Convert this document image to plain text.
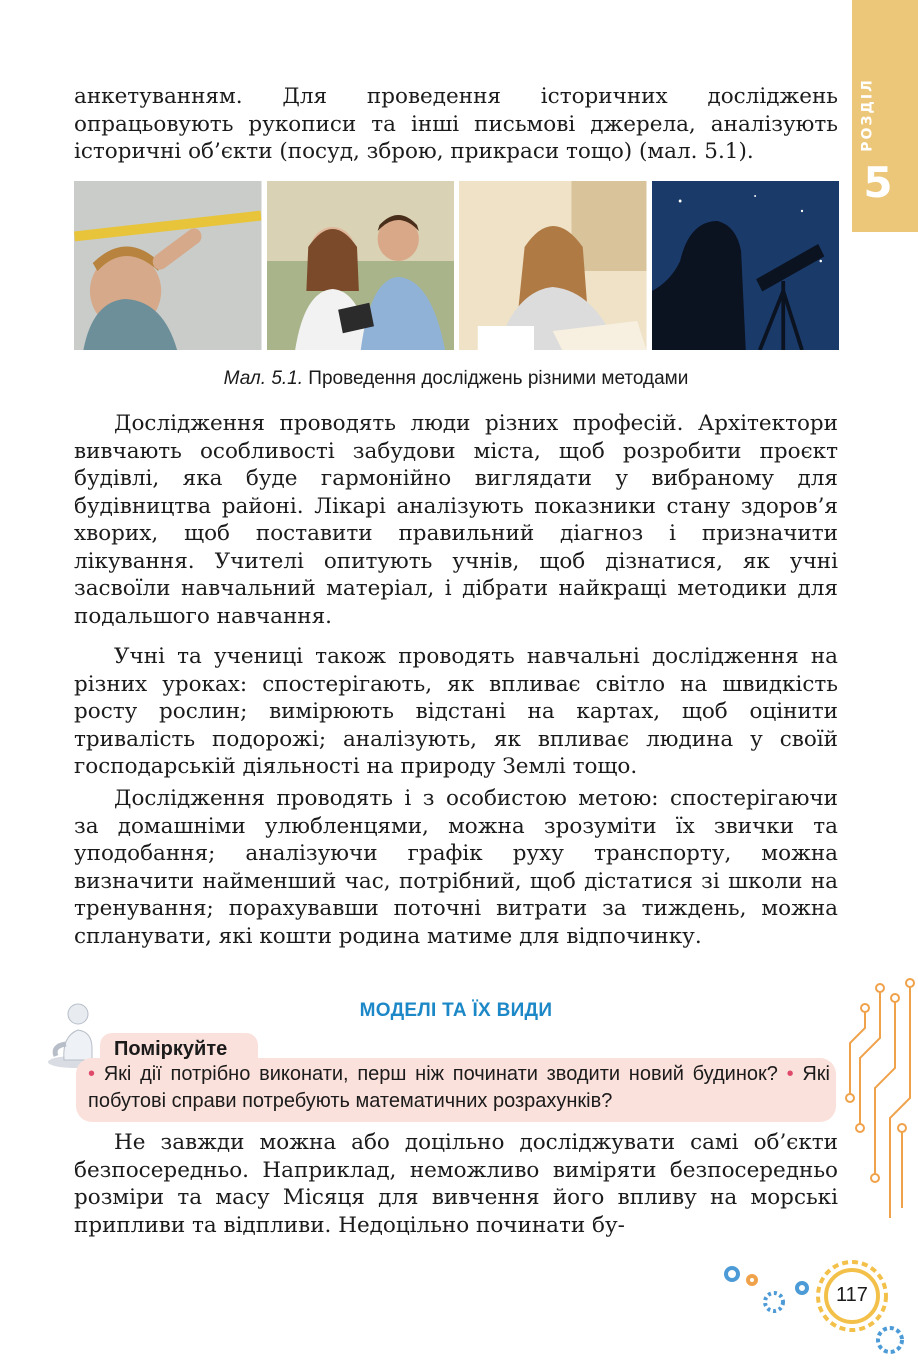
РОЗДІЛ
5

анкетуванням. Для проведення історичних досліджень опрацьовують рукописи та інші письмові джерела, аналізують історичні об’єкти (посуд, зброю, прикраси тощо) (мал. 5.1).

Мал. 5.1. Проведення досліджень різними методами

Дослідження проводять люди різних професій. Архітектори вивчають особливості забудови міста, щоб розробити проєкт будівлі, яка буде гармонійно виглядати у вибраному для будівництва районі. Лікарі аналізують показники стану здоров’я хворих, щоб поставити правильний діагноз і призначити лікування. Учителі опитують учнів, щоб дізнатися, як учні засвоїли навчальний матеріал, і дібрати найкращі методики для подальшого навчання.

Учні та учениці також проводять навчальні дослідження на різних уроках: спостерігають, як впливає світло на швидкість росту рослин; вимірюють відстані на картах, щоб оцінити тривалість подорожі; аналізують, як впливає людина у своїй господарській діяльності на природу Землі тощо.

Дослідження проводять і з особистою метою: спостерігаючи за домашніми улюбленцями, можна зрозуміти їх звички та уподобання; аналізуючи графік руху транспорту, можна визначити найменший час, потрібний, щоб дістатися зі школи на тренування; порахувавши поточні витрати за тиждень, можна спланувати, які кошти родина матиме для відпочинку.

МОДЕЛІ ТА ЇХ ВИДИ
Поміркуйте
• Які дії потрібно виконати, перш ніж починати зводити новий будинок? • Які побутові справи потребують математичних розрахунків?

Не завжди можна або доцільно досліджувати самі об’єкти безпосередньо. Наприклад, неможливо виміряти безпосередньо розміри та масу Місяця для вивчення його впливу на морські припливи та відпливи. Недоцільно починати бу-

117
